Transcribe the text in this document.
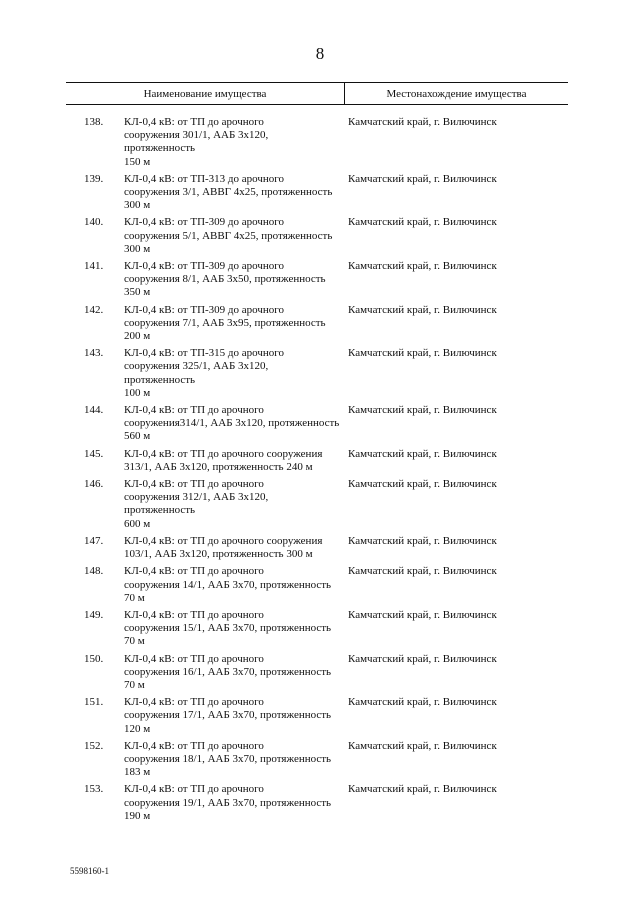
8
Наименование имущества	Местонахождение имущества
138. КЛ-0,4 кВ: от ТП до арочного
сооружения 301/1, ААБ 3х120, протяженность
150 м
Камчатский край, г. Вилючинск
139. КЛ-0,4 кВ: от ТП-313 до арочного
сооружения 3/1, АВВГ 4х25, протяженность
300 м
Камчатский край, г. Вилючинск
140. КЛ-0,4 кВ: от ТП-309 до арочного
сооружения 5/1, АВВГ 4х25, протяженность
300 м
Камчатский край, г. Вилючинск
141. КЛ-0,4 кВ: от ТП-309 до арочного
сооружения 8/1, ААБ 3х50, протяженность
350 м
Камчатский край, г. Вилючинск
142. КЛ-0,4 кВ: от ТП-309 до арочного
сооружения 7/1, ААБ 3х95, протяженность
200 м
Камчатский край, г. Вилючинск
143. КЛ-0,4 кВ: от ТП-315 до арочного
сооружения 325/1, ААБ 3х120, протяженность
100 м
Камчатский край, г. Вилючинск
144. КЛ-0,4 кВ: от ТП до арочного
сооружения314/1, ААБ 3х120, протяженность
560 м
Камчатский край, г. Вилючинск
145. КЛ-0,4 кВ: от ТП до арочного сооружения
313/1, ААБ 3х120, протяженность 240 м
Камчатский край, г. Вилючинск
146. КЛ-0,4 кВ: от ТП до арочного
сооружения 312/1, ААБ 3х120, протяженность
600 м
Камчатский край, г. Вилючинск
147. КЛ-0,4 кВ: от ТП до арочного сооружения
103/1, ААБ 3х120, протяженность 300 м
Камчатский край, г. Вилючинск
148. КЛ-0,4 кВ: от ТП до арочного
сооружения 14/1, ААБ 3х70, протяженность
70 м
Камчатский край, г. Вилючинск
149. КЛ-0,4 кВ: от ТП до арочного
сооружения 15/1, ААБ 3х70, протяженность
70 м
Камчатский край, г. Вилючинск
150. КЛ-0,4 кВ: от ТП до арочного
сооружения 16/1, ААБ 3х70, протяженность
70 м
Камчатский край, г. Вилючинск
151. КЛ-0,4 кВ: от ТП до арочного
сооружения 17/1, ААБ 3х70, протяженность
120 м
Камчатский край, г. Вилючинск
152. КЛ-0,4 кВ: от ТП до арочного
сооружения 18/1, ААБ 3х70, протяженность
183 м
Камчатский край, г. Вилючинск
153. КЛ-0,4 кВ: от ТП до арочного
сооружения 19/1, ААБ 3х70, протяженность
190 м
Камчатский край, г. Вилючинск
5598160-1
